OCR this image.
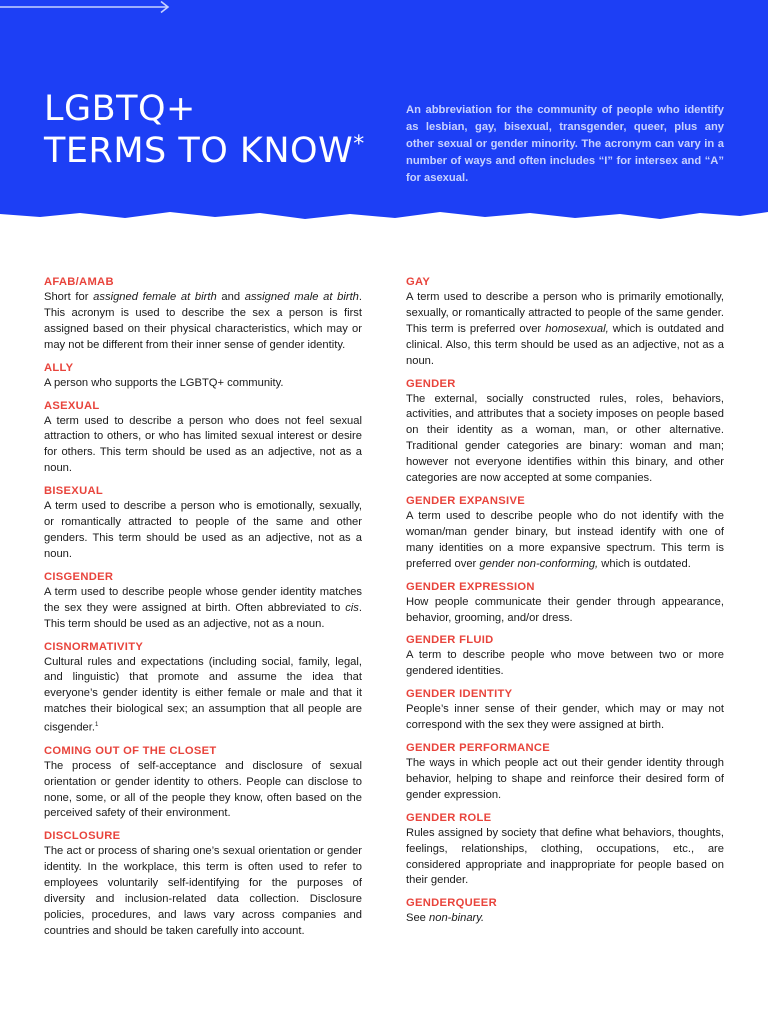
LGBTQ+
TERMS TO KNOW*
An abbreviation for the community of people who identify as lesbian, gay, bisexual, transgender, queer, plus any other sexual or gender minority. The acronym can vary in a number of ways and often includes “I” for intersex and “A” for asexual.
AFAB/AMAB

Short for assigned female at birth and assigned male at birth. This acronym is used to describe the sex a person is first assigned based on their physical characteristics, which may or may not be different from their inner sense of gender identity.

ALLY

A person who supports the LGBTQ+ community.

ASEXUAL

A term used to describe a person who does not feel sexual attraction to others, or who has limited sexual interest or desire for others. This term should be used as an adjective, not as a noun.

BISEXUAL

A term used to describe a person who is emotionally, sexually, or romantically attracted to people of the same and other genders. This term should be used as an adjective, not as a noun.

CISGENDER

A term used to describe people whose gender identity matches the sex they were assigned at birth. Often abbreviated to cis. This term should be used as an adjective, not as a noun.

CISNORMATIVITY

Cultural rules and expectations (including social, family, legal, and linguistic) that promote and assume the idea that everyone’s gender identity is either female or male and that it matches their biological sex; an assumption that all people are cisgender.$^1$

COMING OUT OF THE CLOSET

The process of self-acceptance and disclosure of sexual orientation or gender identity to others. People can disclose to none, some, or all of the people they know, often based on the perceived safety of their environment.

DISCLOSURE

The act or process of sharing one’s sexual orientation or gender identity. In the workplace, this term is often used to refer to employees voluntarily self-identifying for the purposes of diversity and inclusion-related data collection. Disclosure policies, procedures, and laws vary across companies and countries and should be taken carefully into account.

GAY

A term used to describe a person who is primarily emotionally, sexually, or romantically attracted to people of the same gender. This term is preferred over homosexual, which is outdated and clinical. Also, this term should be used as an adjective, not as a noun.

GENDER

The external, socially constructed rules, roles, behaviors, activities, and attributes that a society imposes on people based on their identity as a woman, man, or other alternative. Traditional gender categories are binary: woman and man; however not everyone identifies within this binary, and other categories are now accepted at some companies.

GENDER EXPANSIVE

A term used to describe people who do not identify with the woman/man gender binary, but instead identify with one of many identities on a more expansive spectrum. This term is preferred over gender non-conforming, which is outdated.

GENDER EXPRESSION

How people communicate their gender through appearance, behavior, grooming, and/or dress.

GENDER FLUID

A term to describe people who move between two or more gendered identities.

GENDER IDENTITY

People’s inner sense of their gender, which may or may not correspond with the sex they were assigned at birth.

GENDER PERFORMANCE

The ways in which people act out their gender identity through behavior, helping to shape and reinforce their desired form of gender expression.

GENDER ROLE

Rules assigned by society that define what behaviors, thoughts, feelings, relationships, clothing, occupations, etc., are considered appropriate and inappropriate for people based on their gender.

GENDERQUEER

See non-binary.
